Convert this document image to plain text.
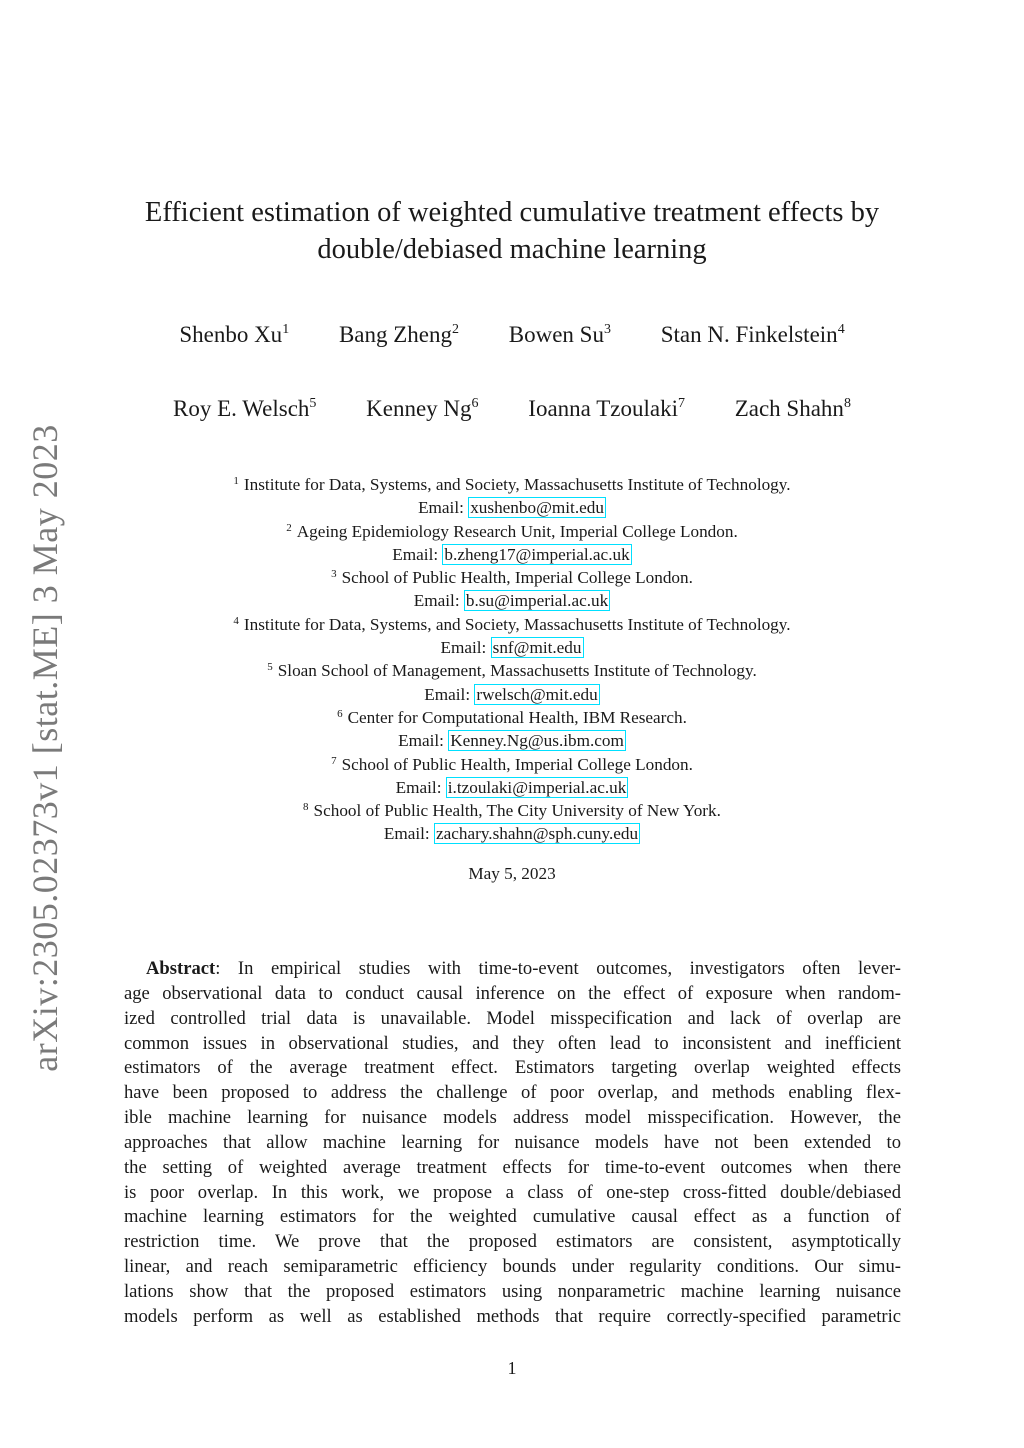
arXiv:2305.02373v1 [stat.ME] 3 May 2023
Efficient estimation of weighted cumulative treatment effects by
double/debiased machine learning
Shenbo Xu$^1$ Bang Zheng$^2$ Bowen Su$^3$ Stan N. Finkelstein$^4$
Roy E. Welsch$^5$ Kenney Ng$^6$ Ioanna Tzoulaki$^7$ Zach Shahn$^8$
$^1$ Institute for Data, Systems, and Society, Massachusetts Institute of Technology.
Email: xushenbo@mit.edu
$^2$ Ageing Epidemiology Research Unit, Imperial College London.
Email: b.zheng17@imperial.ac.uk
$^3$ School of Public Health, Imperial College London.
Email: b.su@imperial.ac.uk
$^4$ Institute for Data, Systems, and Society, Massachusetts Institute of Technology.
Email: snf@mit.edu
$^5$ Sloan School of Management, Massachusetts Institute of Technology.
Email: rwelsch@mit.edu
$^6$ Center for Computational Health, IBM Research.
Email: Kenney.Ng@us.ibm.com
$^7$ School of Public Health, Imperial College London.
Email: i.tzoulaki@imperial.ac.uk
$^8$ School of Public Health, The City University of New York.
Email: zachary.shahn@sph.cuny.edu
May 5, 2023
Abstract: In empirical studies with time-to-event outcomes, investigators often lever-
age observational data to conduct causal inference on the effect of exposure when random-
ized controlled trial data is unavailable. Model misspecification and lack of overlap are
common issues in observational studies, and they often lead to inconsistent and inefficient
estimators of the average treatment effect. Estimators targeting overlap weighted effects
have been proposed to address the challenge of poor overlap, and methods enabling flex-
ible machine learning for nuisance models address model misspecification. However, the
approaches that allow machine learning for nuisance models have not been extended to
the setting of weighted average treatment effects for time-to-event outcomes when there
is poor overlap. In this work, we propose a class of one-step cross-fitted double/debiased
machine learning estimators for the weighted cumulative causal effect as a function of
restriction time. We prove that the proposed estimators are consistent, asymptotically
linear, and reach semiparametric efficiency bounds under regularity conditions. Our simu-
lations show that the proposed estimators using nonparametric machine learning nuisance
models perform as well as established methods that require correctly-specified parametric
1
